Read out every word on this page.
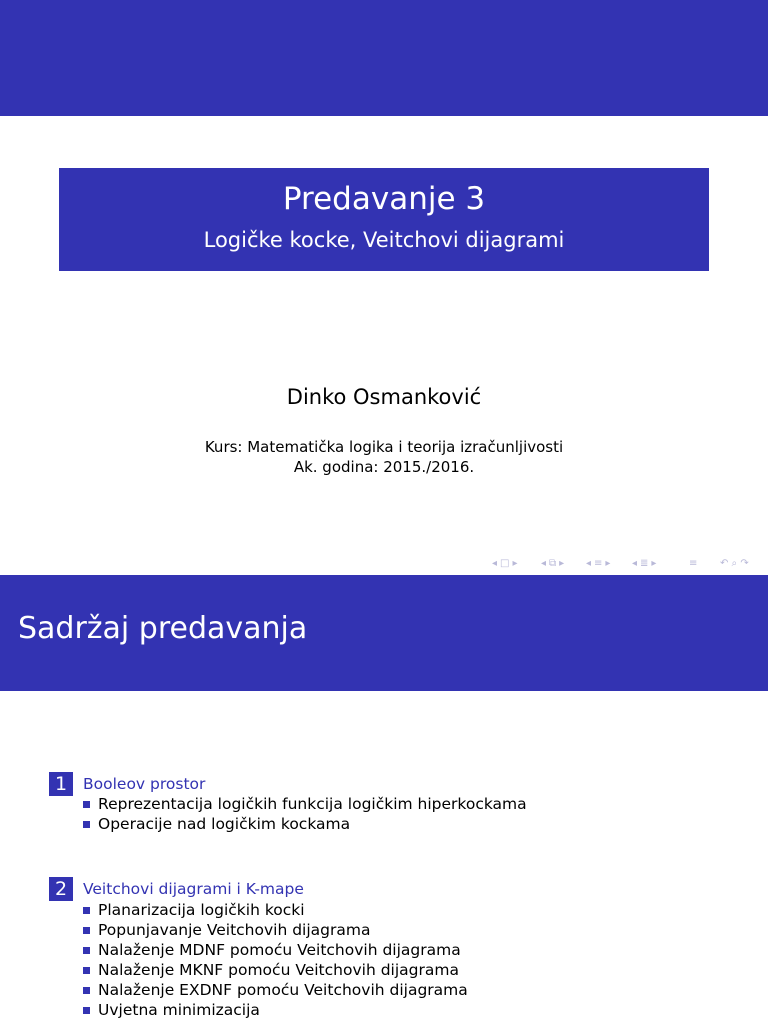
Predavanje 3
Logičke kocke, Veitchovi dijagrami
Dinko Osmanković
Kurs: Matematička logika i teorija izračunljivosti
Ak. godina: 2015./2016.
◂ □ ▸ ◂ ⧉ ▸ ◂ ≡ ▸ ◂ ≣ ▸	≡ ↶ ⌕ ↷
Sadržaj predavanja
1	Booleov prostor
Reprezentacija logičkih funkcija logičkim hiperkockama
Operacije nad logičkim kockama
2	Veitchovi dijagrami i K-mape
Planarizacija logičkih kocki
Popunjavanje Veitchovih dijagrama
Nalaženje MDNF pomoću Veitchovih dijagrama
Nalaženje MKNF pomoću Veitchovih dijagrama
Nalaženje EXDNF pomoću Veitchovih dijagrama
Uvjetna minimizacija
